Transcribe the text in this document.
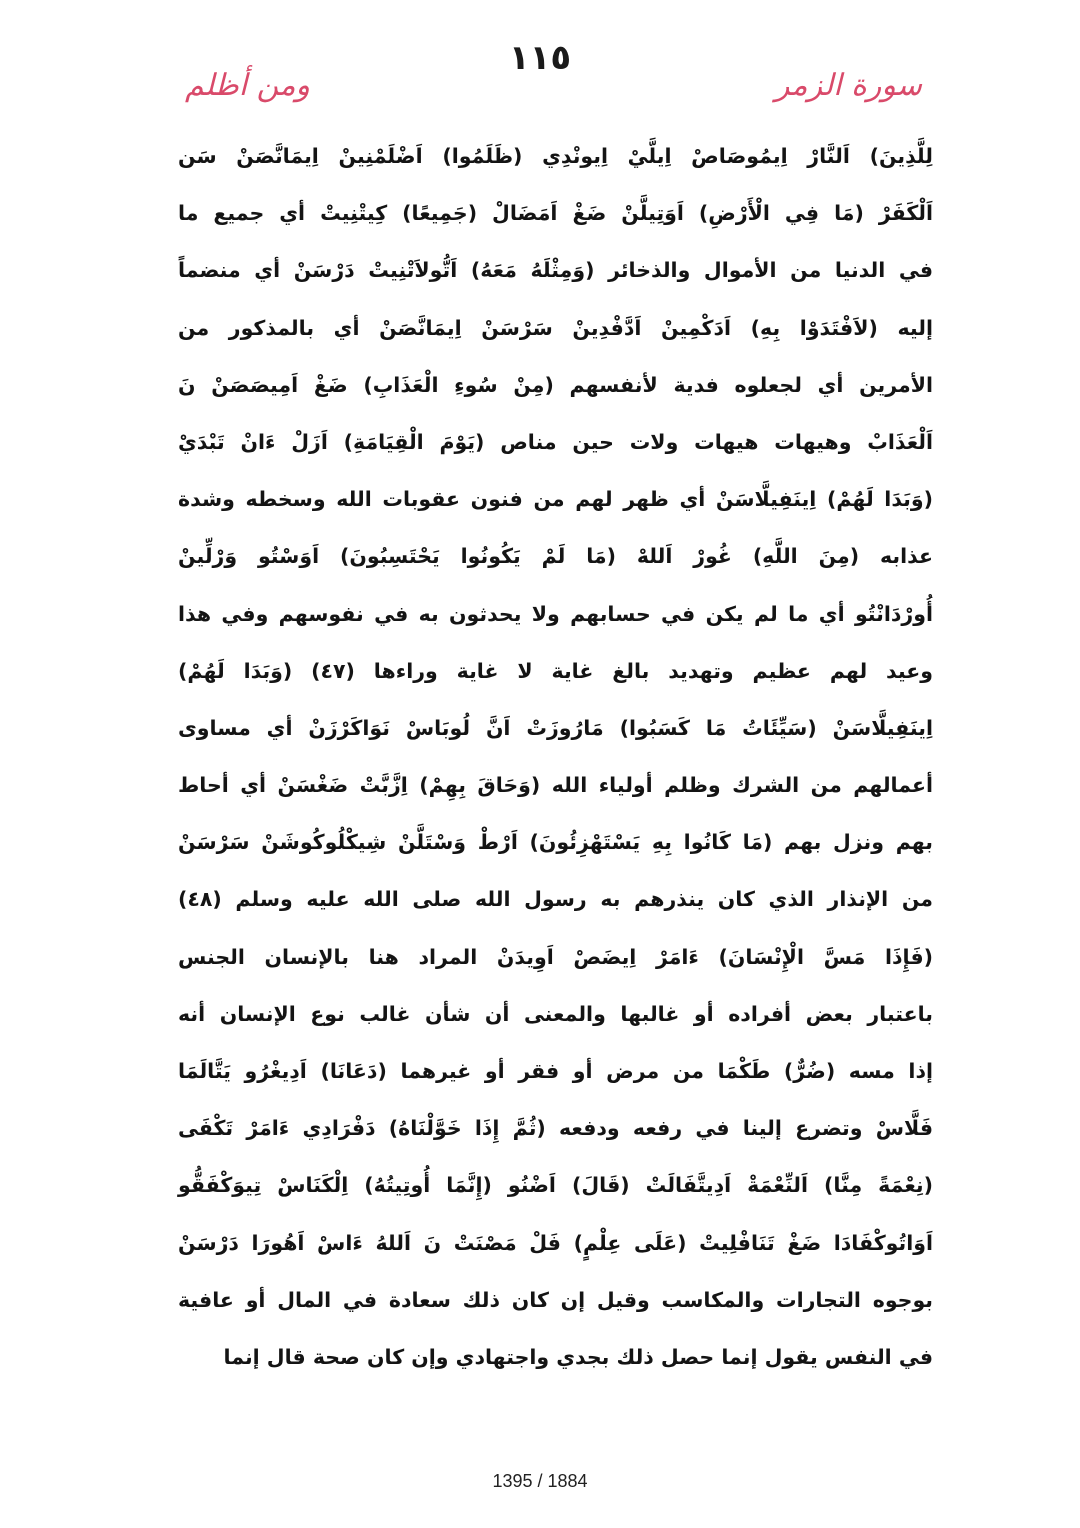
١١٥
ومن أظلم	سورة الزمر
لِلَّذِينَ) اَلنَّارْ اِيمُوصَاصْ اِيلَّيْ اِيونْدِي (ظَلَمُوا) اَضْلَمْنِينْ اِيمَانَّصَنْ سَن
اَلْكَفَرْ (مَا فِي الْأَرْضِ) اَوَتِيلَّنْ ضَغْ اَمَضَالْ (جَمِيعًا) كِيتْنِيتْ أي جميع ما
في الدنيا من الأموال والذخائر (وَمِثْلَهُ مَعَهُ) اَتُّولاَتْنِيتْ دَرْسَنْ أي منضماً
إليه (لاَفْتَدَوْا بِهِ) اَدَكْمِينْ اَدَّفْدِينْ سَرْسَنْ اِيمَانَّصَنْ أي بالمذكور من
الأمرين أي لجعلوه فدية لأنفسهم (مِنْ سُوءِ الْعَذَابِ) ضَغْ اَمِيصَصَنْ نَ
اَلْعَذَابْ وهيهات هيهات ولات حين مناص (يَوْمَ الْقِيَامَةِ) اَزَلْ ءَانْ تَبْدَيْ
(وَبَدَا لَهُمْ) اِينَفِيلَّاسَنْ أي ظهر لهم من فنون عقوبات الله وسخطه وشدة
عذابه (مِنَ اللَّهِ) غُورْ اَللهْ (مَا لَمْ يَكُونُوا يَحْتَسِبُونَ) اَوَسْتُو وَرْلِّينْ
أُورْدَانْتُو أي ما لم يكن في حسابهم ولا يحدثون به في نفوسهم وفي هذا
وعيد لهم عظيم وتهديد بالغ غاية لا غاية وراءها (٤٧) (وَبَدَا لَهُمْ)
اِينَفِيلَّاسَنْ (سَيِّئَاتُ مَا كَسَبُوا) مَارُوزَتْ اَنَّ لُوبَاسْ نَوَاكَرْزَنْ أي مساوى
أعمالهم من الشرك وظلم أولياء الله (وَحَاقَ بِهِمْ) اِزَّبَّتْ ضَغْسَنْ أي أحاط
بهم ونزل بهم (مَا كَانُوا بِهِ يَسْتَهْزِئُونَ) اَرْطْ وَسْتَلَّنْ شِيكْلُوكُوشَنْ سَرْسَنْ
من الإنذار الذي كان ينذرهم به رسول الله صلى الله عليه وسلم (٤٨)
(فَإِذَا مَسَّ الْإِنْسَانَ) ءَامَرْ اِيضَصْ اَوِيدَنْ المراد هنا بالإنسان الجنس
باعتبار بعض أفراده أو غالبها والمعنى أن شأن غالب نوع الإنسان أنه
إذا مسه (ضُرٌّ) طَكْمَا من مرض أو فقر أو غيرهما (دَعَانَا) اَدِيغْرُو يَتَّالَمَا
فَلَّاسْ وتضرع إلينا في رفعه ودفعه (ثُمَّ إِذَا خَوَّلْنَاهُ) دَفْرَادِي ءَامَرْ تَكْفَى
(نِعْمَةً مِنَّا) اَلنِّعْمَةْ اَدِيتَّفَالَتْ (قَالَ) اَضْنُو (إِنَّمَا أُوتِيتُهُ) اِلْكَنَاسْ تِيوَكْفَقُّو
اَوَاتُوكْفَادَا ضَغْ تَنَافْلِيتْ (عَلَى عِلْمٍ) فَلْ مَصْنَتْ نَ اَللهُ ءَاسْ اَهُورَا دَرْسَنْ
بوجوه التجارات والمكاسب وقيل إن كان ذلك سعادة في المال أو عافية
في النفس يقول إنما حصل ذلك بجدي واجتهادي وإن كان صحة قال إنما
1395 / 1884
